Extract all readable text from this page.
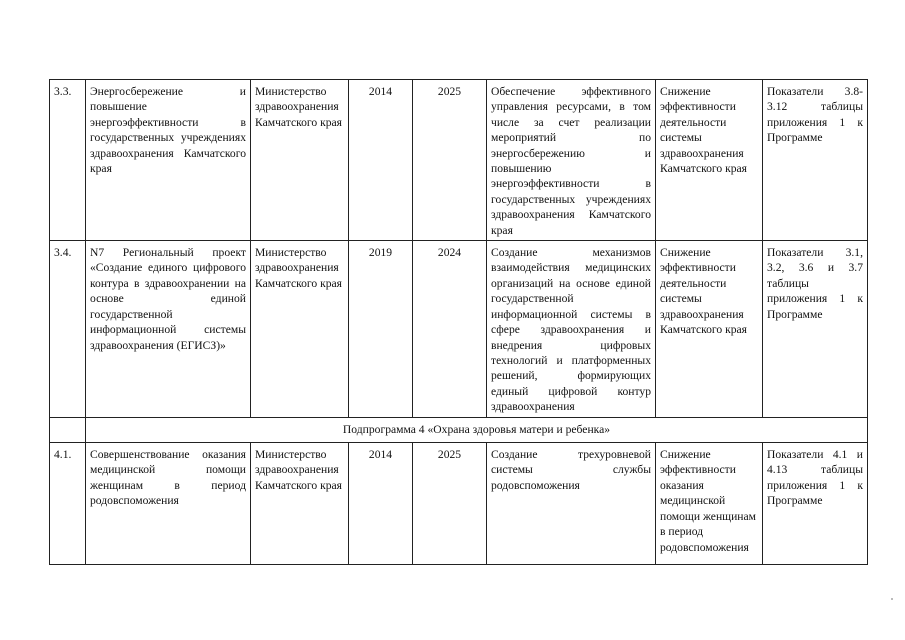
3.3.	Энергосбережение и повышение энергоэффективности в государственных учреждениях здравоохранения Камчатского края	Министерство здравоохранения Камчатского края	2014	2025	Обеспечение эффективного управления ресурсами, в том числе за счет реализации мероприятий по энергосбережению и повышению энергоэффективности в государственных учреждениях здравоохранения Камчатского края	Снижение эффективности деятельности системы здравоохранения Камчатского края	Показатели 3.8-3.12 таблицы приложения 1 к Программе
3.4.	N7 Региональный проект «Создание единого цифрового контура в здравоохранении на основе единой государственной информационной системы здравоохранения (ЕГИСЗ)»	Министерство здравоохранения Камчатского края	2019	2024	Создание механизмов взаимодействия медицинских организаций на основе единой государственной информационной системы в сфере здравоохранения и внедрения цифровых технологий и платформенных решений, формирующих единый цифровой контур здравоохранения	Снижение эффективности деятельности системы здравоохранения Камчатского края	Показатели 3.1, 3.2, 3.6 и 3.7 таблицы приложения 1 к Программе
	Подпрограмма 4 «Охрана здоровья матери и ребенка»						
4.1.	Совершенствование оказания медицинской помощи женщинам в период родовспоможения	Министерство здравоохранения Камчатского края	2014	2025	Создание трехуровневой системы службы родовспоможения	Снижение эффективности оказания медицинской помощи женщинам в период родовспоможения	Показатели 4.1 и 4.13 таблицы приложения 1 к Программе
